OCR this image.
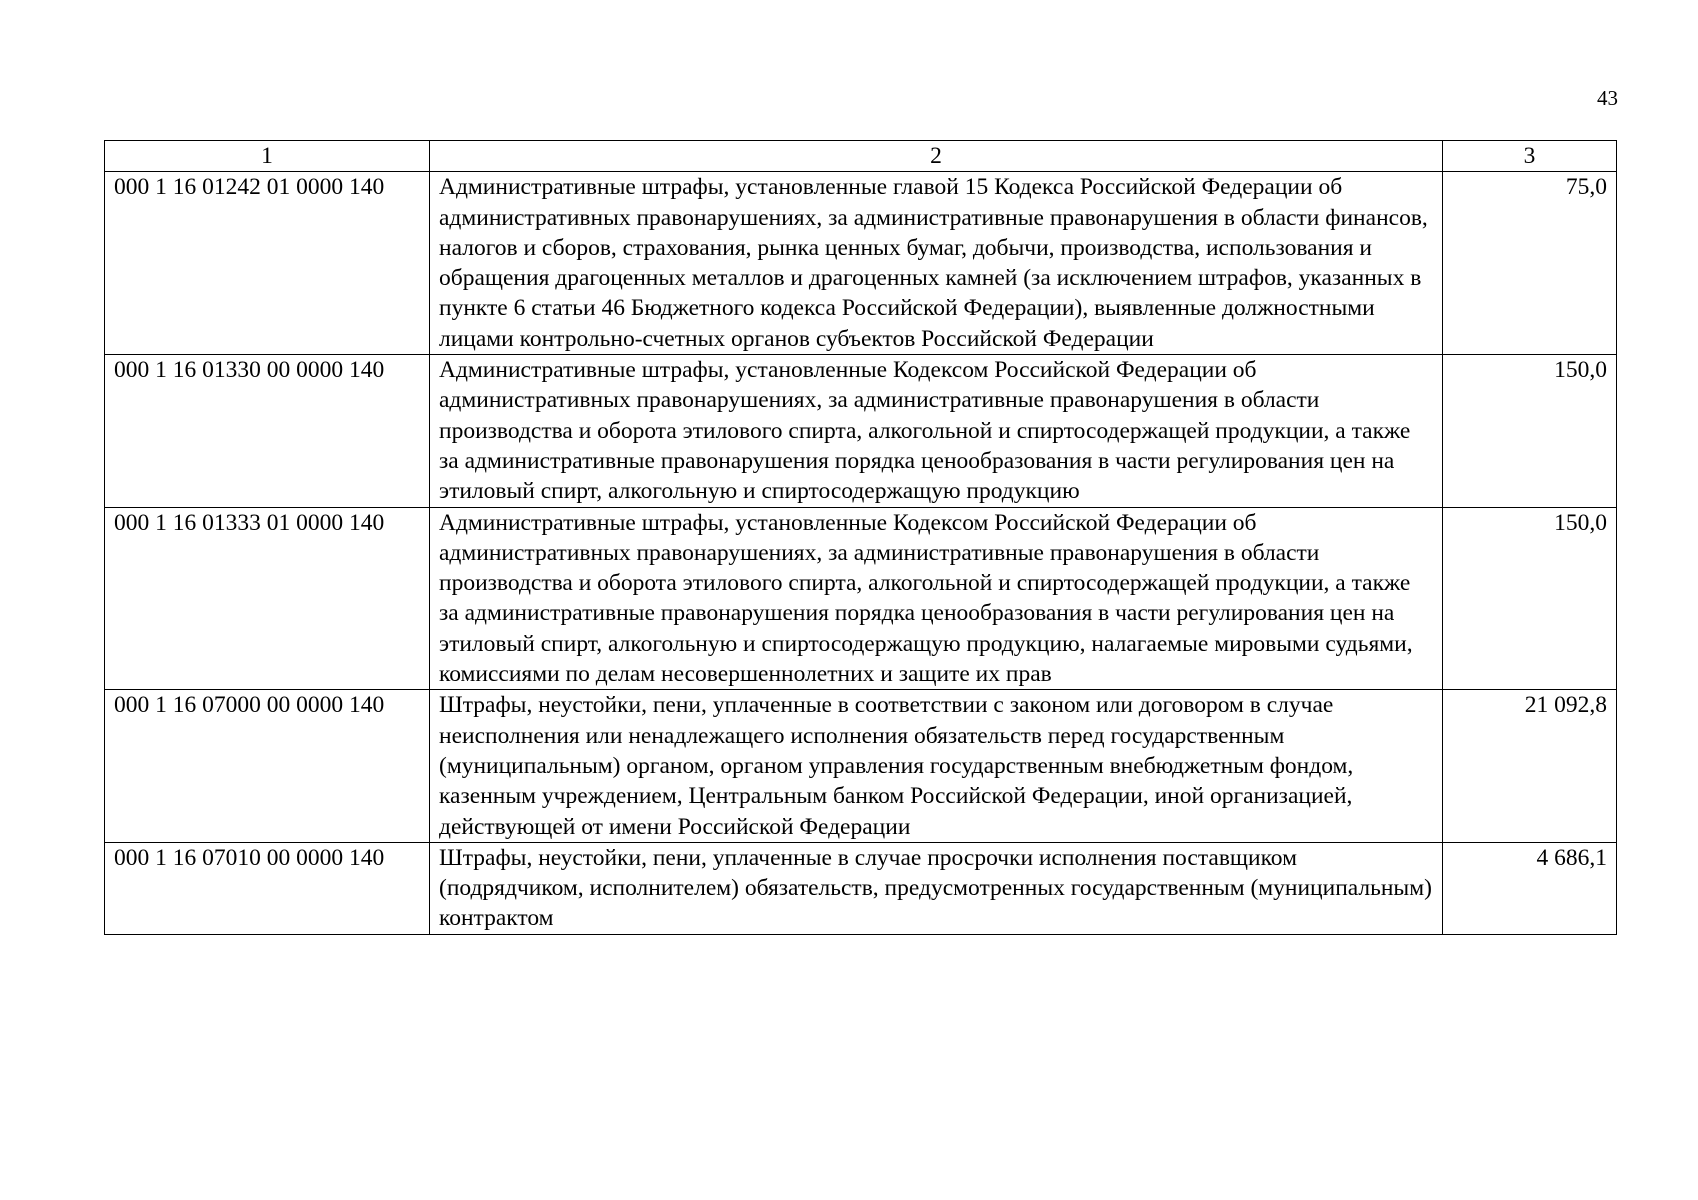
43
1	2	3
000 1 16 01242 01 0000 140	Административные штрафы, установленные главой 15 Кодекса Российской Федерации об административных правонарушениях, за административные правонарушения в области финансов, налогов и сборов, страхования, рынка ценных бумаг, добычи, производства, использования и обращения драгоценных металлов и драгоценных камней (за исключением штрафов, указанных в пункте 6 статьи 46 Бюджетного кодекса Российской Федерации), выявленные должностными лицами контрольно-счетных органов субъектов Российской Федерации	75,0
000 1 16 01330 00 0000 140	Административные штрафы, установленные Кодексом Российской Федерации об административных правонарушениях, за административные правонарушения в области производства и оборота этилового спирта, алкогольной и спиртосодержащей продукции, а также за административные правонарушения порядка ценообразования в части регулирования цен на этиловый спирт, алкогольную и спиртосодержащую продукцию	150,0
000 1 16 01333 01 0000 140	Административные штрафы, установленные Кодексом Российской Федерации об административных правонарушениях, за административные правонарушения в области производства и оборота этилового спирта, алкогольной и спиртосодержащей продукции, а также за административные правонарушения порядка ценообразования в части регулирования цен на этиловый спирт, алкогольную и спиртосодержащую продукцию, налагаемые мировыми судьями, комиссиями по делам несовершеннолетних и защите их прав	150,0
000 1 16 07000 00 0000 140	Штрафы, неустойки, пени, уплаченные в соответствии с законом или договором в случае неисполнения или ненадлежащего исполнения обязательств перед государственным (муниципальным) органом, органом управления государственным внебюджетным фондом, казенным учреждением, Центральным банком Российской Федерации, иной организацией, действующей от имени Российской Федерации	21 092,8
000 1 16 07010 00 0000 140	Штрафы, неустойки, пени, уплаченные в случае просрочки исполнения поставщиком (подрядчиком, исполнителем) обязательств, предусмотренных государственным (муниципальным) контрактом	4 686,1
